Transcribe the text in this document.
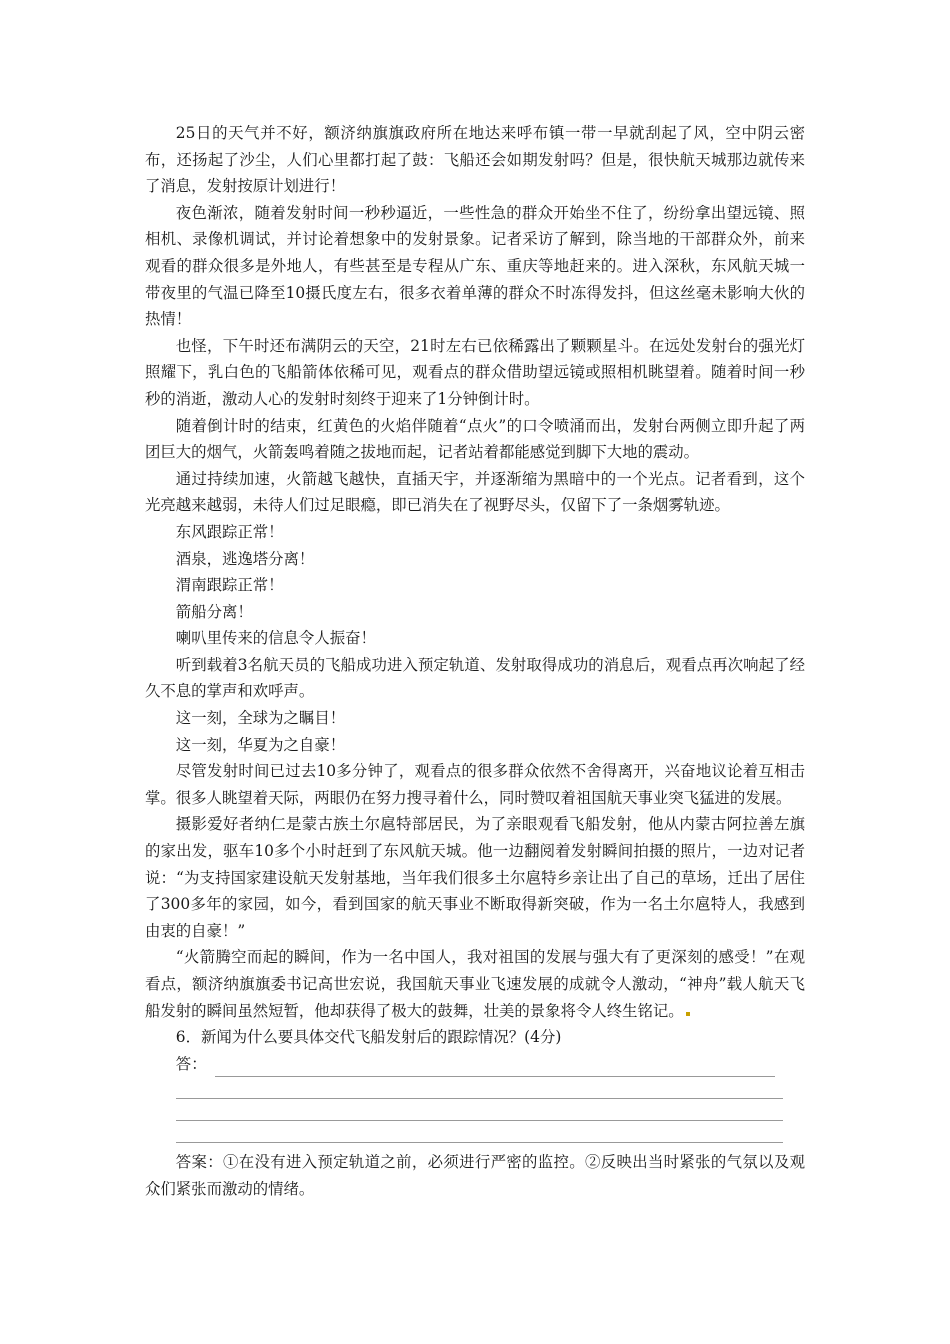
25日的天气并不好，额济纳旗旗政府所在地达来呼布镇一带一早就刮起了风，空中阴云密布，还扬起了沙尘，人们心里都打起了鼓：飞船还会如期发射吗？但是，很快航天城那边就传来了消息，发射按原计划进行！

夜色渐浓，随着发射时间一秒秒逼近，一些性急的群众开始坐不住了，纷纷拿出望远镜、照相机、录像机调试，并讨论着想象中的发射景象。记者采访了解到，除当地的干部群众外，前来观看的群众很多是外地人，有些甚至是专程从广东、重庆等地赶来的。进入深秋，东风航天城一带夜里的气温已降至10摄氏度左右，很多衣着单薄的群众不时冻得发抖，但这丝毫未影响大伙的热情！

也怪，下午时还布满阴云的天空，21时左右已依稀露出了颗颗星斗。在远处发射台的强光灯照耀下，乳白色的飞船箭体依稀可见，观看点的群众借助望远镜或照相机眺望着。随着时间一秒秒的消逝，激动人心的发射时刻终于迎来了1分钟倒计时。

随着倒计时的结束，红黄色的火焰伴随着“点火”的口令喷涌而出，发射台两侧立即升起了两团巨大的烟气，火箭轰鸣着随之拔地而起，记者站着都能感觉到脚下大地的震动。

通过持续加速，火箭越飞越快，直插天宇，并逐渐缩为黑暗中的一个光点。记者看到，这个光亮越来越弱，未待人们过足眼瘾，即已消失在了视野尽头，仅留下了一条烟雾轨迹。

东风跟踪正常！

酒泉，逃逸塔分离！

渭南跟踪正常！

箭船分离！

喇叭里传来的信息令人振奋！

听到载着3名航天员的飞船成功进入预定轨道、发射取得成功的消息后，观看点再次响起了经久不息的掌声和欢呼声。

这一刻，全球为之瞩目！

这一刻，华夏为之自豪！

尽管发射时间已过去10多分钟了，观看点的很多群众依然不舍得离开，兴奋地议论着互相击掌。很多人眺望着天际，两眼仍在努力搜寻着什么，同时赞叹着祖国航天事业突飞猛进的发展。

摄影爱好者纳仁是蒙古族土尔扈特部居民，为了亲眼观看飞船发射，他从内蒙古阿拉善左旗的家出发，驱车10多个小时赶到了东风航天城。他一边翻阅着发射瞬间拍摄的照片，一边对记者说：“为支持国家建设航天发射基地，当年我们很多土尔扈特乡亲让出了自己的草场，迁出了居住了300多年的家园，如今，看到国家的航天事业不断取得新突破，作为一名土尔扈特人，我感到由衷的自豪！”

“火箭腾空而起的瞬间，作为一名中国人，我对祖国的发展与强大有了更深刻的感受！”在观看点，额济纳旗旗委书记高世宏说，我国航天事业飞速发展的成就令人激动，“神舟”载人航天飞船发射的瞬间虽然短暂，他却获得了极大的鼓舞，壮美的景象将令人终生铭记。

6．新闻为什么要具体交代飞船发射后的跟踪情况？(4分)

答：

答案：①在没有进入预定轨道之前，必须进行严密的监控。②反映出当时紧张的气氛以及观众们紧张而激动的情绪。
